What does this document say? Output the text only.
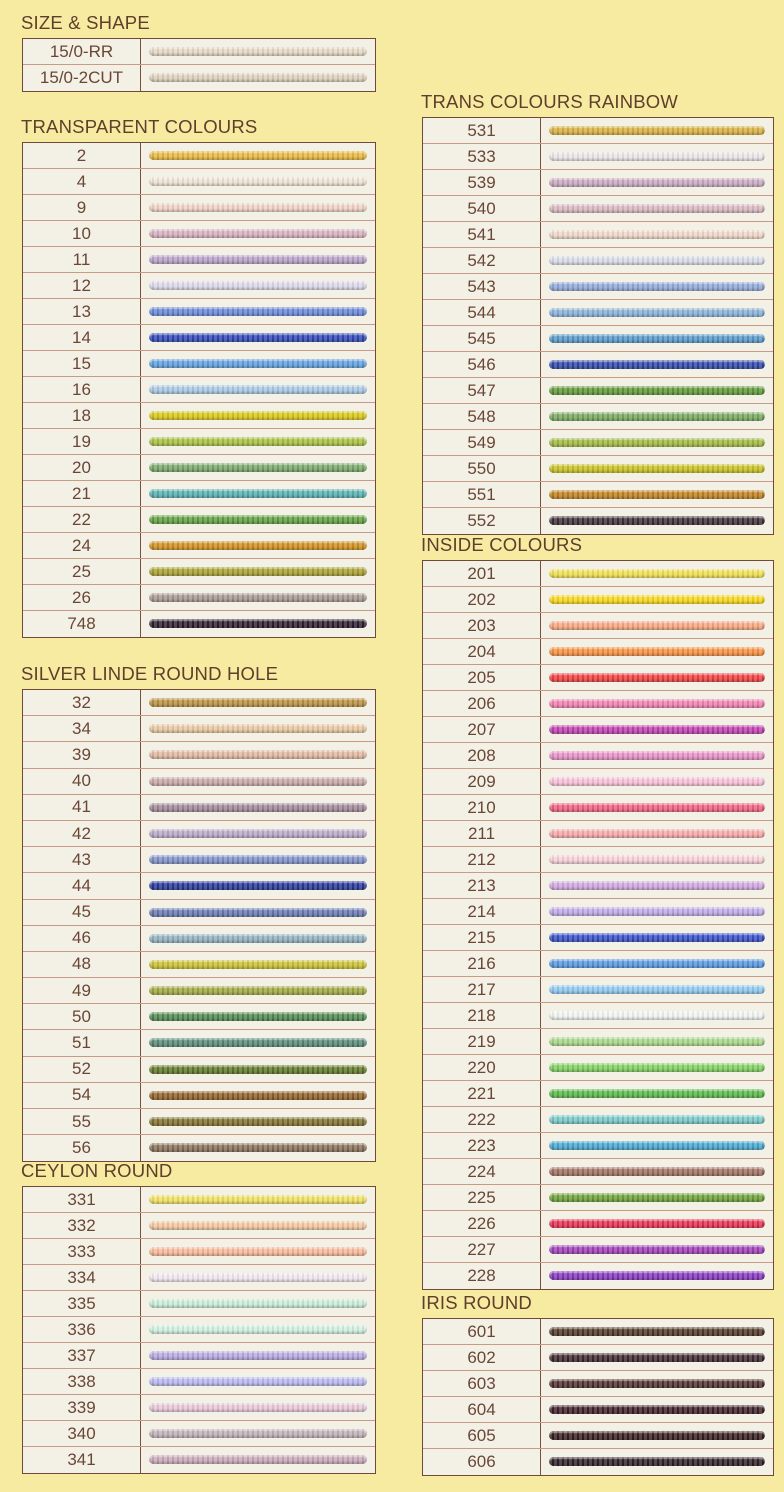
SIZE & SHAPE
15/0-RR
15/0-2CUT
TRANSPARENT COLOURS
2
4
9
10
11
12
13
14
15
16
18
19
20
21
22
24
25
26
748
SILVER LINDE ROUND HOLE
32
34
39
40
41
42
43
44
45
46
48
49
50
51
52
54
55
56
CEYLON ROUND
331
332
333
334
335
336
337
338
339
340
341
TRANS COLOURS RAINBOW
531
533
539
540
541
542
543
544
545
546
547
548
549
550
551
552
INSIDE COLOURS
201
202
203
204
205
206
207
208
209
210
211
212
213
214
215
216
217
218
219
220
221
222
223
224
225
226
227
228
IRIS ROUND
601
602
603
604
605
606
